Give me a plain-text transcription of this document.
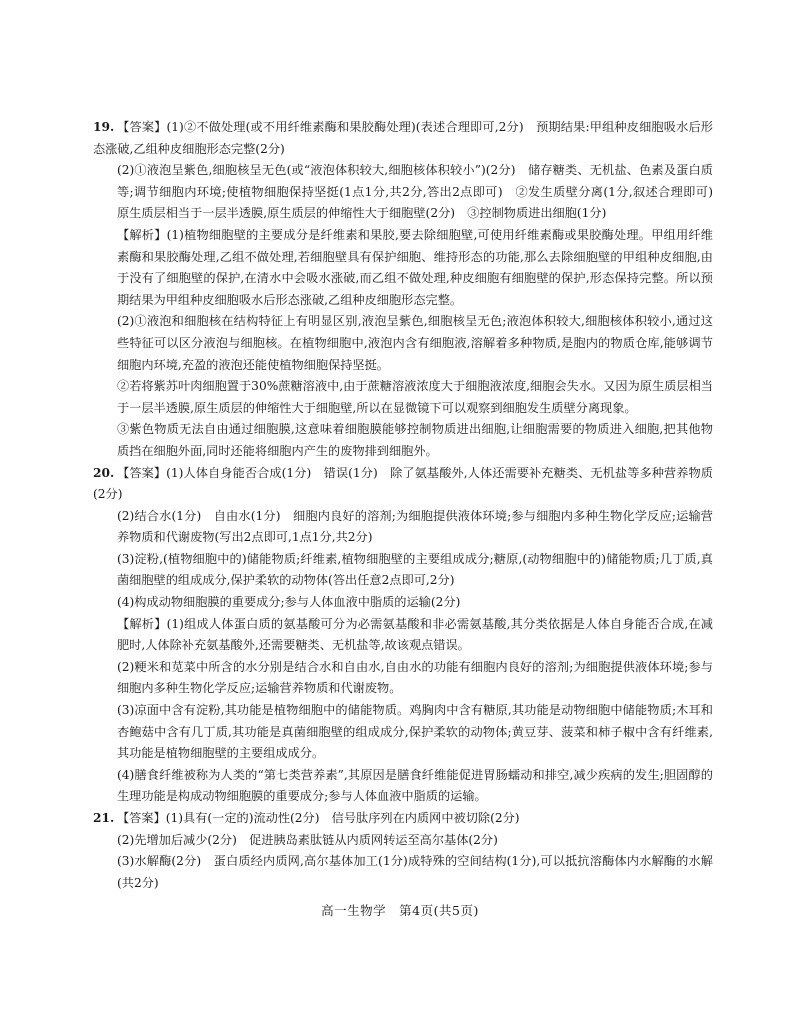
19. 【答案】(1)②不做处理(或不用纤维素酶和果胶酶处理)(表述合理即可,2分)　预期结果:甲组种皮细胞吸水后形态涨破,乙组种皮细胞形态完整(2分)

(2)①液泡呈紫色,细胞核呈无色(或“液泡体积较大,细胞核体积较小”)(2分)　储存糖类、无机盐、色素及蛋白质等;调节细胞内环境;使植物细胞保持坚挺(1点1分,共2分,答出2点即可)　②发生质壁分离(1分,叙述合理即可)　原生质层相当于一层半透膜,原生质层的伸缩性大于细胞壁(2分)　③控制物质进出细胞(1分)

【解析】(1)植物细胞壁的主要成分是纤维素和果胶,要去除细胞壁,可使用纤维素酶或果胶酶处理。甲组用纤维素酶和果胶酶处理,乙组不做处理,若细胞壁具有保护细胞、维持形态的功能,那么去除细胞壁的甲组种皮细胞,由于没有了细胞壁的保护,在清水中会吸水涨破,而乙组不做处理,种皮细胞有细胞壁的保护,形态保持完整。所以预期结果为甲组种皮细胞吸水后形态涨破,乙组种皮细胞形态完整。

(2)①液泡和细胞核在结构特征上有明显区别,液泡呈紫色,细胞核呈无色;液泡体积较大,细胞核体积较小,通过这些特征可以区分液泡与细胞核。在植物细胞中,液泡内含有细胞液,溶解着多种物质,是胞内的物质仓库,能够调节细胞内环境,充盈的液泡还能使植物细胞保持坚挺。

②若将紫苏叶肉细胞置于30%蔗糖溶液中,由于蔗糖溶液浓度大于细胞液浓度,细胞会失水。又因为原生质层相当于一层半透膜,原生质层的伸缩性大于细胞壁,所以在显微镜下可以观察到细胞发生质壁分离现象。

③紫色物质无法自由通过细胞膜,这意味着细胞膜能够控制物质进出细胞,让细胞需要的物质进入细胞,把其他物质挡在细胞外面,同时还能将细胞内产生的废物排到细胞外。

20. 【答案】(1)人体自身能否合成(1分)　错误(1分)　除了氨基酸外,人体还需要补充糖类、无机盐等多种营养物质(2分)

(2)结合水(1分)　自由水(1分)　细胞内良好的溶剂;为细胞提供液体环境;参与细胞内多种生物化学反应;运输营养物质和代谢废物(写出2点即可,1点1分,共2分)

(3)淀粉,(植物细胞中的)储能物质;纤维素,植物细胞壁的主要组成成分;糖原,(动物细胞中的)储能物质;几丁质,真菌细胞壁的组成成分,保护柔软的动物体(答出任意2点即可,2分)

(4)构成动物细胞膜的重要成分;参与人体血液中脂质的运输(2分)

【解析】(1)组成人体蛋白质的氨基酸可分为必需氨基酸和非必需氨基酸,其分类依据是人体自身能否合成,在减肥时,人体除补充氨基酸外,还需要糖类、无机盐等,故该观点错误。

(2)粳米和苋菜中所含的水分别是结合水和自由水,自由水的功能有细胞内良好的溶剂;为细胞提供液体环境;参与细胞内多种生物化学反应;运输营养物质和代谢废物。

(3)凉面中含有淀粉,其功能是植物细胞中的储能物质。鸡胸肉中含有糖原,其功能是动物细胞中储能物质;木耳和杏鲍菇中含有几丁质,其功能是真菌细胞壁的组成成分,保护柔软的动物体;黄豆芽、菠菜和柿子椒中含有纤维素,其功能是植物细胞壁的主要组成成分。

(4)膳食纤维被称为人类的“第七类营养素”,其原因是膳食纤维能促进胃肠蠕动和排空,减少疾病的发生;胆固醇的生理功能是构成动物细胞膜的重要成分;参与人体血液中脂质的运输。

21. 【答案】(1)具有(一定的)流动性(2分)　信号肽序列在内质网中被切除(2分)

(2)先增加后减少(2分)　促进胰岛素肽链从内质网转运至高尔基体(2分)

(3)水解酶(2分)　蛋白质经内质网,高尔基体加工(1分)成特殊的空间结构(1分),可以抵抗溶酶体内水解酶的水解(共2分)

高一生物学　第4页(共5页)
